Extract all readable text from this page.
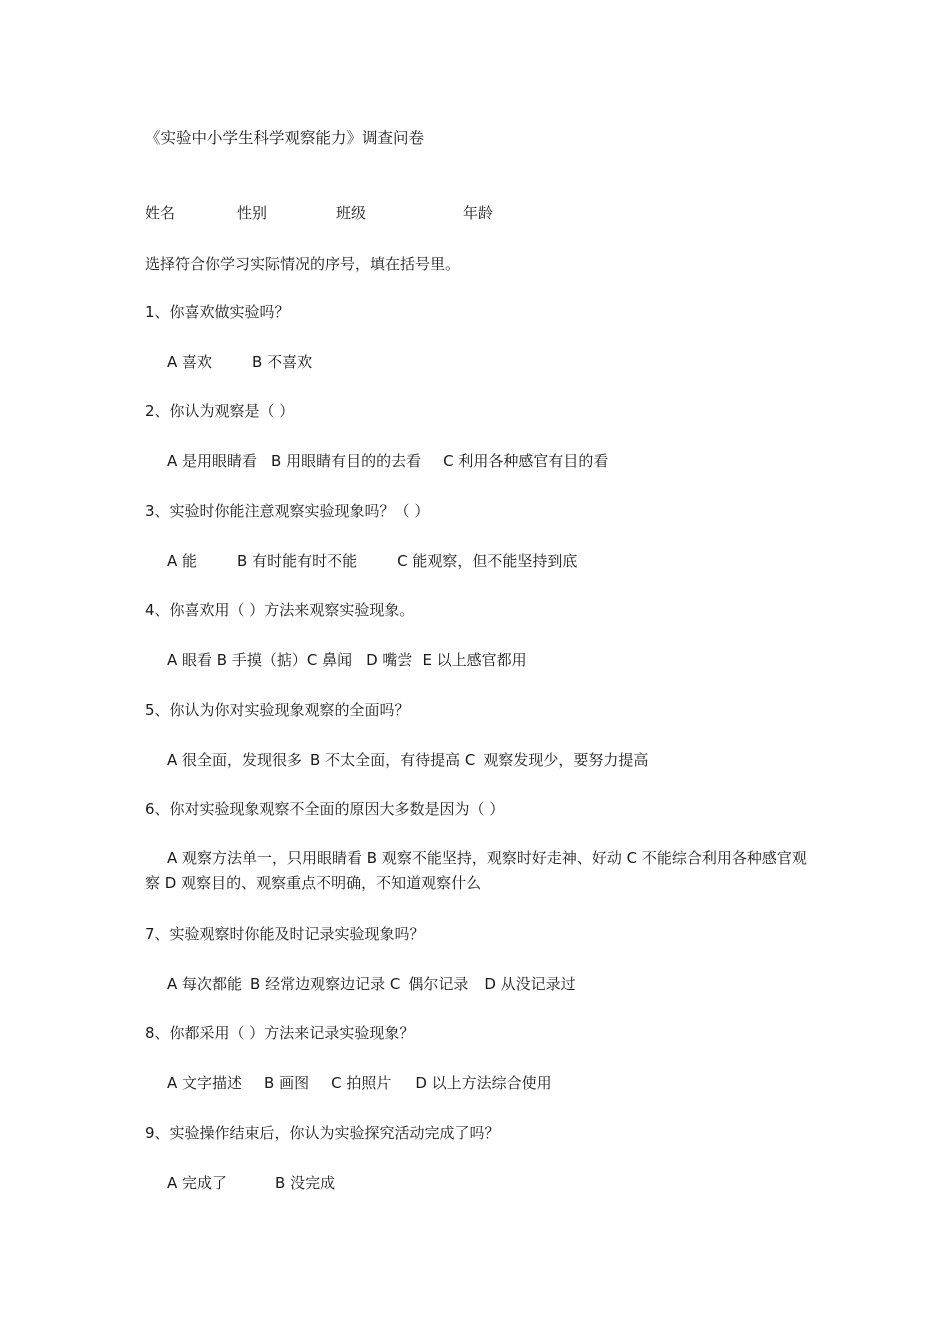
《实验中小学生科学观察能力》调查问卷
姓名	性别	班级	年龄
选择符合你学习实际情况的序号，填在括号里。
1、你喜欢做实验吗？
A 喜欢	B 不喜欢
2、你认为观察是（ ）
A 是用眼睛看 B 用眼睛有目的的去看 C 利用各种感官有目的看
3、实验时你能注意观察实验现象吗？（ ）
A 能	B 有时能有时不能	C 能观察，但不能坚持到底
4、你喜欢用（ ）方法来观察实验现象。
A 眼看 B 手摸（掂）C 鼻闻 D 嘴尝 E 以上感官都用
5、你认为你对实验现象观察的全面吗？
A 很全面，发现很多 B 不太全面，有待提高 C 观察发现少，要努力提高
6、你对实验现象观察不全面的原因大多数是因为（ ）
A 观察方法单一，只用眼睛看 B 观察不能坚持，观察时好走神、好动 C 不能综合利用各种感官观察 D 观察目的、观察重点不明确，不知道观察什么
7、实验观察时你能及时记录实验现象吗？
A 每次都能 B 经常边观察边记录 C 偶尔记录 D 从没记录过
8、你都采用（ ）方法来记录实验现象？
A 文字描述 B 画图 C 拍照片 D 以上方法综合使用
9、实验操作结束后，你认为实验探究活动完成了吗？
A 完成了	B 没完成
